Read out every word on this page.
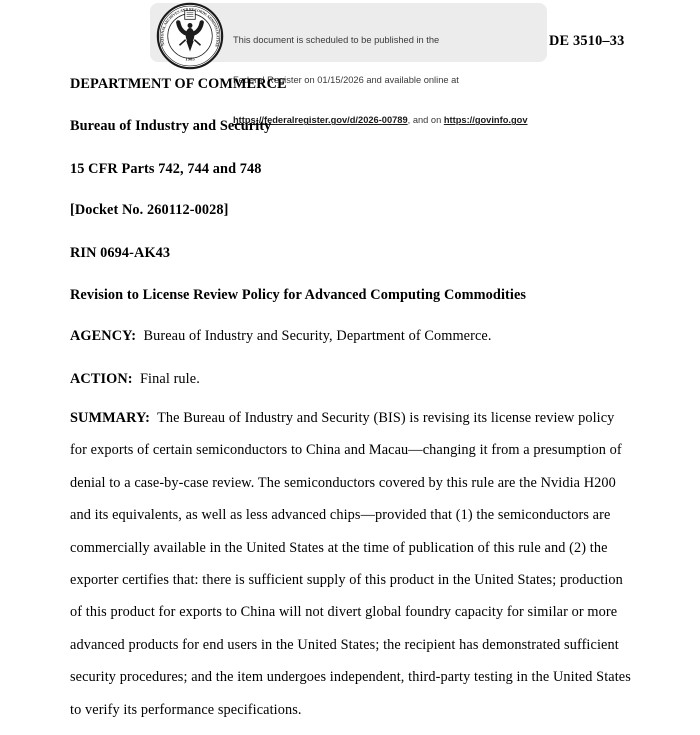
NATIONAL ARCHIVES AND RECORDS ADMINISTRATION
1985

This document is scheduled to be published in the

Federal Register on 01/15/2026 and available online at

https://federalregister.gov/d/2026-00789, and on https://govinfo.gov

DE 3510–33
DEPARTMENT OF COMMERCE
Bureau of Industry and Security
15 CFR Parts 742, 744 and 748
[Docket No. 260112-0028]
RIN 0694-AK43
Revision to License Review Policy for Advanced Computing Commodities
AGENCY:  Bureau of Industry and Security, Department of Commerce.
ACTION:  Final rule.
SUMMARY:  The Bureau of Industry and Security (BIS) is revising its license review policy
for exports of certain semiconductors to China and Macau—changing it from a presumption of
denial to a case-by-case review. The semiconductors covered by this rule are the Nvidia H200
and its equivalents, as well as less advanced chips—provided that (1) the semiconductors are
commercially available in the United States at the time of publication of this rule and (2) the
exporter certifies that: there is sufficient supply of this product in the United States; production
of this product for exports to China will not divert global foundry capacity for similar or more
advanced products for end users in the United States; the recipient has demonstrated sufficient
security procedures; and the item undergoes independent, third-party testing in the United States
to verify its performance specifications.
